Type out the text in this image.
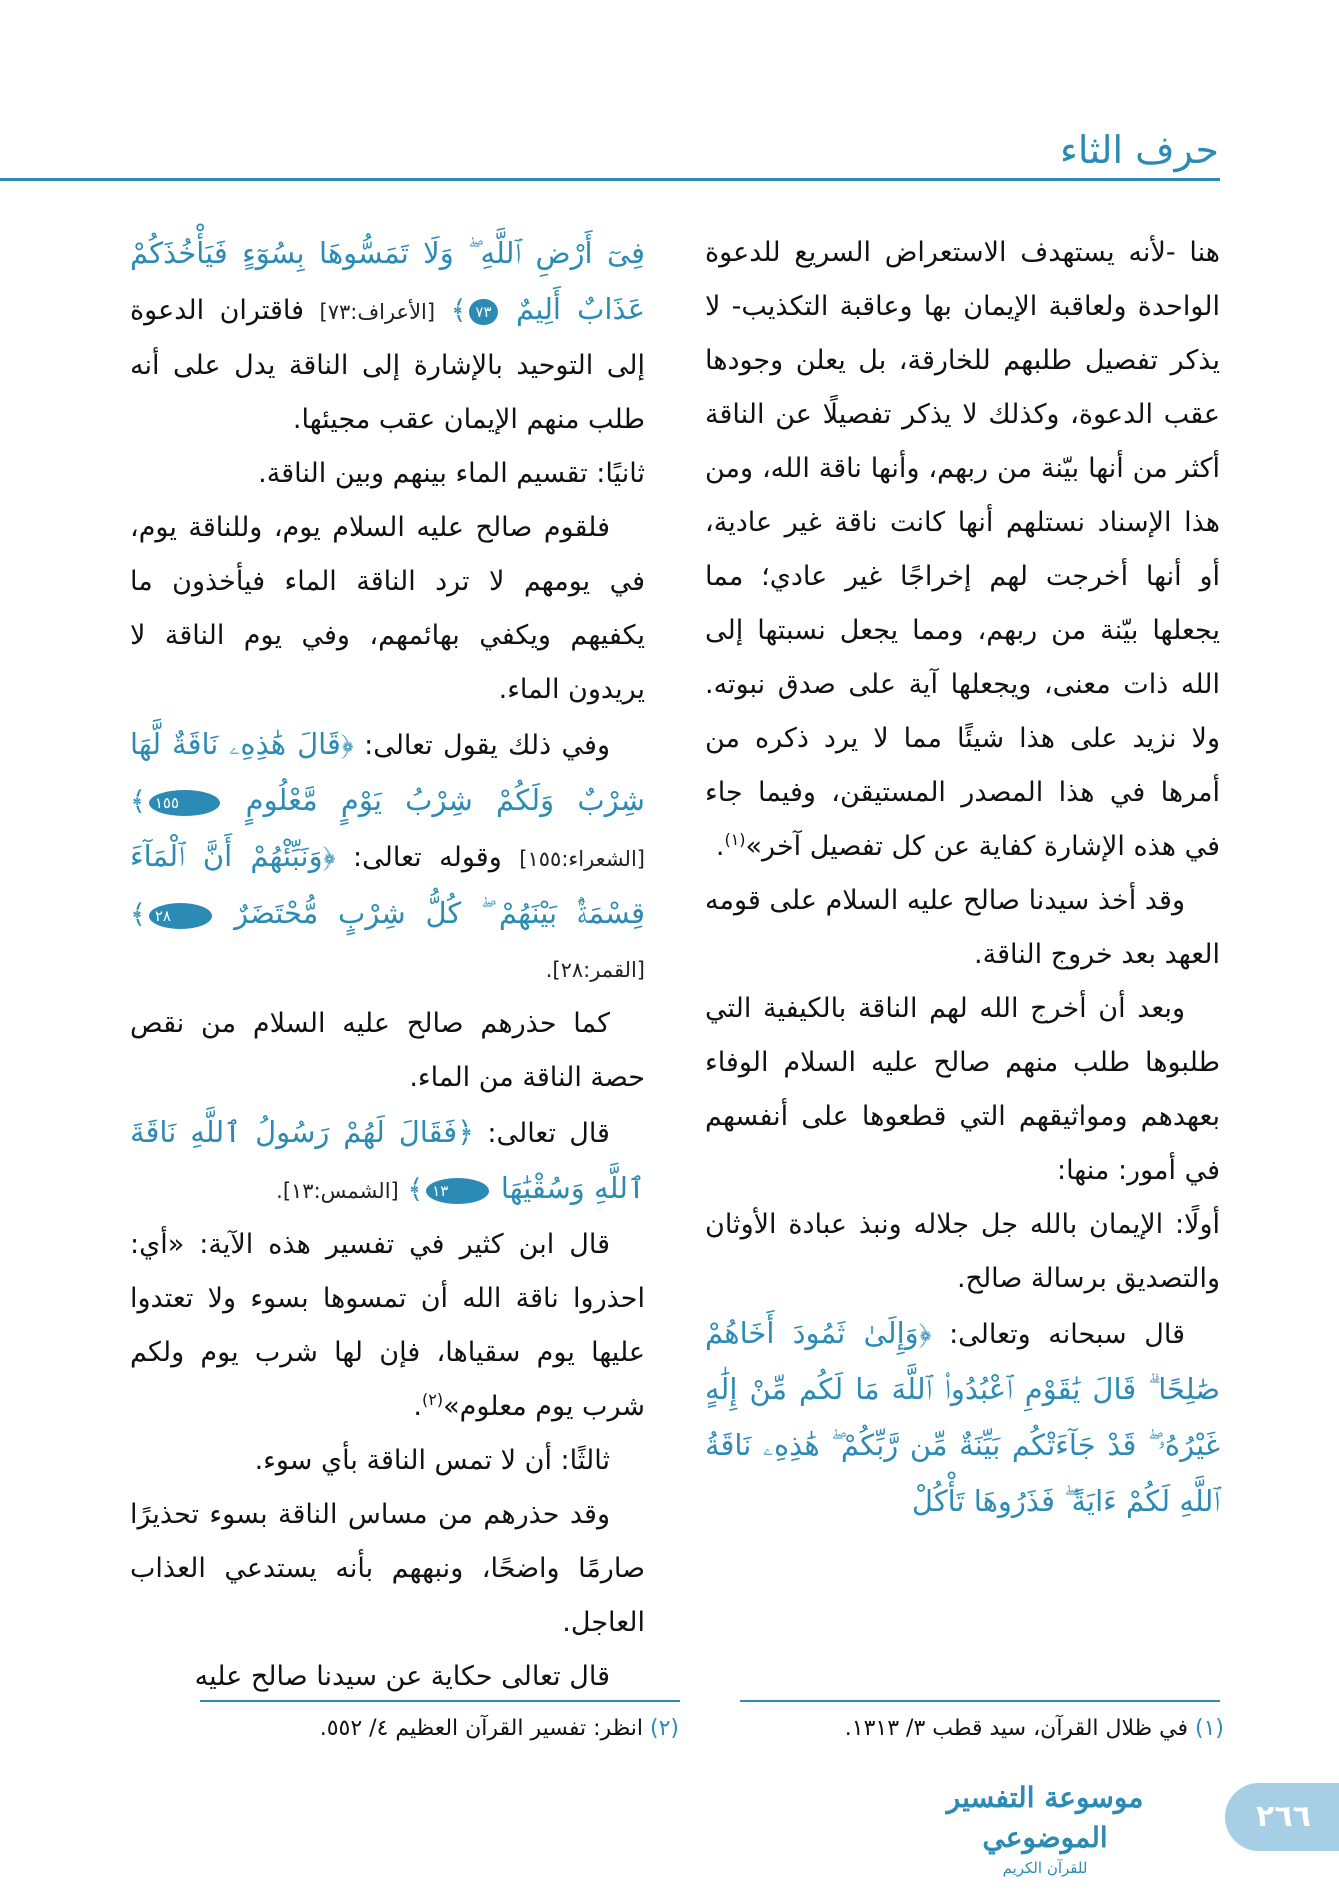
حرف الثاء

هنا -لأنه يستهدف الاستعراض السريع للدعوة الواحدة ولعاقبة الإيمان بها وعاقبة التكذيب- لا يذكر تفصيل طلبهم للخارقة، بل يعلن وجودها عقب الدعوة، وكذلك لا يذكر تفصيلًا عن الناقة أكثر من أنها بيّنة من ربهم، وأنها ناقة الله، ومن هذا الإسناد نستلهم أنها كانت ناقة غير عادية، أو أنها أخرجت لهم إخراجًا غير عادي؛ مما يجعلها بيّنة من ربهم، ومما يجعل نسبتها إلى الله ذات معنى، ويجعلها آية على صدق نبوته. ولا نزيد على هذا شيئًا مما لا يرد ذكره من أمرها في هذا المصدر المستيقن، وفيما جاء في هذه الإشارة كفاية عن كل تفصيل آخر»$^{(١)}$.

وقد أخذ سيدنا صالح عليه السلام على قومه العهد بعد خروج الناقة.

وبعد أن أخرج الله لهم الناقة بالكيفية التي طلبوها طلب منهم صالح عليه السلام الوفاء بعهدهم ومواثيقهم التي قطعوها على أنفسهم في أمور: منها:

أولًا: الإيمان بالله جل جلاله ونبذ عبادة الأوثان والتصديق برسالة صالح.

قال سبحانه وتعالى: ﴿وَإِلَىٰ ثَمُودَ أَخَاهُمْ صَٰلِحًا ۗ قَالَ يَٰقَوْمِ ٱعْبُدُوا۟ ٱللَّهَ مَا لَكُم مِّنْ إِلَٰهٍ غَيْرُهُۥ ۖ قَدْ جَآءَتْكُم بَيِّنَةٌ مِّن رَّبِّكُمْ ۖ هَٰذِهِۦ نَاقَةُ ٱللَّهِ لَكُمْ ءَايَةً ۖ فَذَرُوهَا تَأْكُلْ

فِىٓ أَرْضِ ٱللَّهِ ۖ وَلَا تَمَسُّوهَا بِسُوٓءٍ فَيَأْخُذَكُمْ عَذَابٌ أَلِيمٌ ٧٣﴾ [الأعراف:٧٣] فاقتران الدعوة إلى التوحيد بالإشارة إلى الناقة يدل على أنه طلب منهم الإيمان عقب مجيئها.

ثانيًا: تقسيم الماء بينهم وبين الناقة.

فلقوم صالح عليه السلام يوم، وللناقة يوم، في يومهم لا ترد الناقة الماء فيأخذون ما يكفيهم ويكفي بهائمهم، وفي يوم الناقة لا يريدون الماء.

وفي ذلك يقول تعالى: ﴿قَالَ هَٰذِهِۦ نَاقَةٌ لَّهَا شِرْبٌ وَلَكُمْ شِرْبُ يَوْمٍ مَّعْلُومٍ ١٥٥﴾ [الشعراء:١٥٥] وقوله تعالى: ﴿وَنَبِّئْهُمْ أَنَّ ٱلْمَآءَ قِسْمَةٌۢ بَيْنَهُمْ ۖ كُلُّ شِرْبٍ مُّحْتَضَرٌ ٢٨﴾ [القمر:٢٨].

كما حذرهم صالح عليه السلام من نقص حصة الناقة من الماء.

قال تعالى: ﴿فَقَالَ لَهُمْ رَسُولُ ٱللَّهِ نَاقَةَ ٱللَّهِ وَسُقْيَٰهَا ١٣﴾ [الشمس:١٣].

قال ابن كثير في تفسير هذه الآية: «أي: احذروا ناقة الله أن تمسوها بسوء ولا تعتدوا عليها يوم سقياها، فإن لها شرب يوم ولكم شرب يوم معلوم»$^{(٢)}$.

ثالثًا: أن لا تمس الناقة بأي سوء.

وقد حذرهم من مساس الناقة بسوء تحذيرًا صارمًا واضحًا، ونبههم بأنه يستدعي العذاب العاجل.

قال تعالى حكاية عن سيدنا صالح عليه

(١) في ظلال القرآن، سيد قطب ٣/ ١٣١٣.
(٢) انظر: تفسير القرآن العظيم ٤/ ٥٥٢.
موسوعة التفسير الموضوعي
للقرآن الكريم
٢٦٦
